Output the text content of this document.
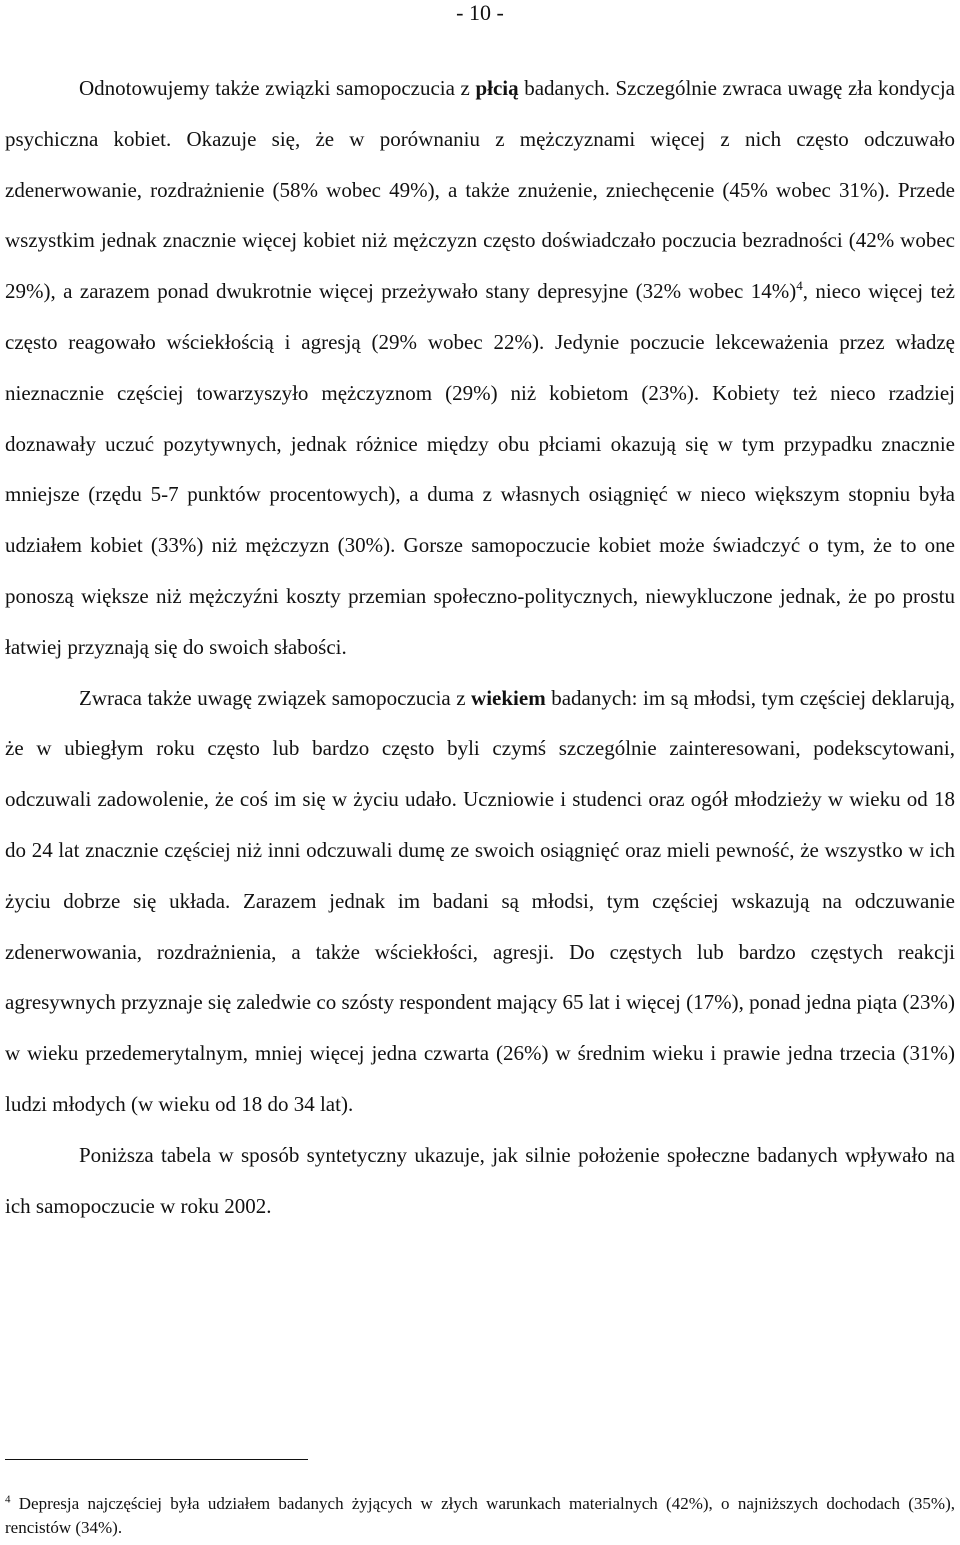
- 10 -

Odnotowujemy także związki samopoczucia z płcią badanych. Szczególnie zwraca uwagę zła kondycja psychiczna kobiet. Okazuje się, że w porównaniu z mężczyznami więcej z nich często odczuwało zdenerwowanie, rozdrażnienie (58% wobec 49%), a także znużenie, zniechęcenie (45% wobec 31%). Przede wszystkim jednak znacznie więcej kobiet niż mężczyzn często doświadczało poczucia bezradności (42% wobec 29%), a zarazem ponad dwukrotnie więcej przeżywało stany depresyjne (32% wobec 14%)$^4$, nieco więcej też często reagowało wściekłością i agresją (29% wobec 22%). Jedynie poczucie lekceważenia przez władzę nieznacznie częściej towarzyszyło mężczyznom (29%) niż kobietom (23%). Kobiety też nieco rzadziej doznawały uczuć pozytywnych, jednak różnice między obu płciami okazują się w tym przypadku znacznie mniejsze (rzędu 5-7 punktów procentowych), a duma z własnych osiągnięć w nieco większym stopniu była udziałem kobiet (33%) niż mężczyzn (30%). Gorsze samopoczucie kobiet może świadczyć o tym, że to one ponoszą większe niż mężczyźni koszty przemian społeczno-politycznych, niewykluczone jednak, że po prostu łatwiej przyznają się do swoich słabości.

Zwraca także uwagę związek samopoczucia z wiekiem badanych: im są młodsi, tym częściej deklarują, że w ubiegłym roku często lub bardzo często byli czymś szczególnie zainteresowani, podekscytowani, odczuwali zadowolenie, że coś im się w życiu udało. Uczniowie i studenci oraz ogół młodzieży w wieku od 18 do 24 lat znacznie częściej niż inni odczuwali dumę ze swoich osiągnięć oraz mieli pewność, że wszystko w ich życiu dobrze się układa. Zarazem jednak im badani są młodsi, tym częściej wskazują na odczuwanie zdenerwowania, rozdrażnienia, a także wściekłości, agresji. Do częstych lub bardzo częstych reakcji agresywnych przyznaje się zaledwie co szósty respondent mający 65 lat i więcej (17%), ponad jedna piąta (23%) w wieku przedemerytalnym, mniej więcej jedna czwarta (26%) w średnim wieku i prawie jedna trzecia (31%) ludzi młodych (w wieku od 18 do 34 lat).

Poniższa tabela w sposób syntetyczny ukazuje, jak silnie położenie społeczne badanych wpływało na ich samopoczucie w roku 2002.

$^4$ Depresja najczęściej była udziałem badanych żyjących w złych warunkach materialnych (42%), o najniższych dochodach (35%), rencistów (34%).
